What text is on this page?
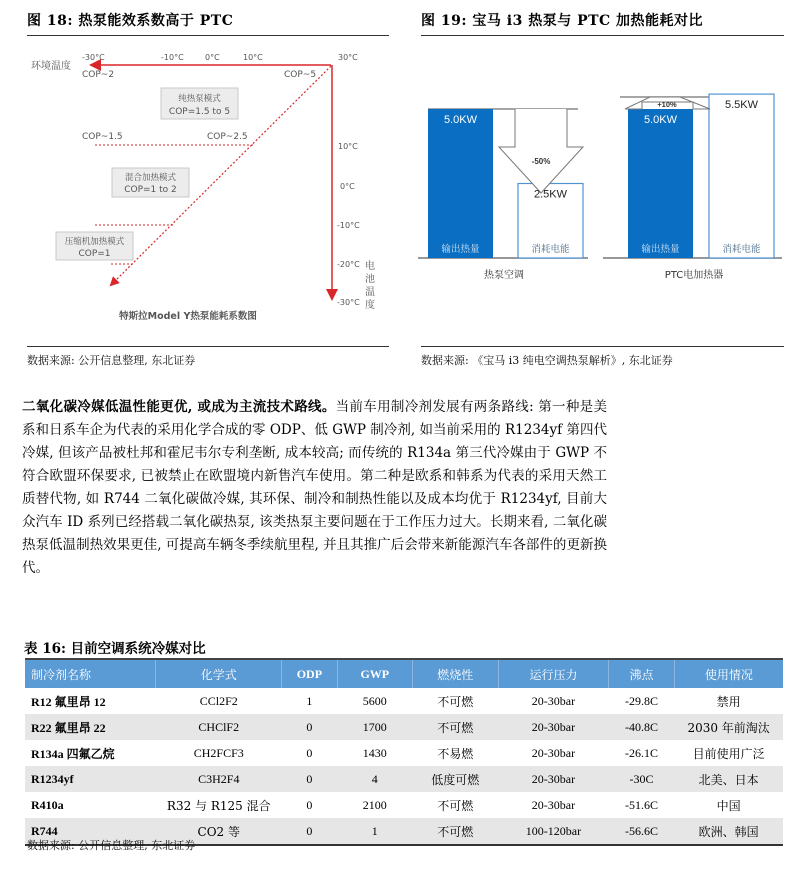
图 18: 热泵能效系数高于 PTC
环境温度
-30°C	-10°C	0°C	10°C	30°C
COP~2	COP~5
COP~1.5	COP~2.5
纯热泵模式
COP=1.5 to 5
混合加热模式
COP=1 to 2
压缩机加热模式
COP=1
10°C
0°C
-10°C
-20°C
-30°C
电
池
温
度
特斯拉Model Y热泵能耗系数图
数据来源: 公开信息整理, 东北证券
图 19: 宝马 i3 热泵与 PTC 加热能耗对比
-50%
+10%
5.0KW
2.5KW
5.0KW
5.5KW
输出热量	消耗电能	输出热量	消耗电能
热泵空调	PTC电加热器
数据来源: 《宝马 i3 纯电空调热泵解析》, 东北证券
二氧化碳冷媒低温性能更优, 或成为主流技术路线。当前车用制冷剂发展有两条路线: 第一种是美系和日系车企为代表的采用化学合成的零 ODP、低 GWP 制冷剂, 如当前采用的 R1234yf 第四代冷媒, 但该产品被杜邦和霍尼韦尔专利垄断, 成本较高; 而传统的 R134a 第三代冷媒由于 GWP 不符合欧盟环保要求, 已被禁止在欧盟境内新售汽车使用。第二种是欧系和韩系为代表的采用天然工质替代物, 如 R744 二氧化碳做冷媒, 其环保、制冷和制热性能以及成本均优于 R1234yf, 目前大众汽车 ID 系列已经搭载二氧化碳热泵, 该类热泵主要问题在于工作压力过大。长期来看, 二氧化碳热泵低温制热效果更佳, 可提高车辆冬季续航里程, 并且其推广后会带来新能源汽车各部件的更新换代。
表 16: 目前空调系统冷媒对比
制冷剂名称	化学式	ODP	GWP	燃烧性	运行压力	沸点	使用情况
R12 氟里昂 12	CCl2F2	1	5600	不可燃	20-30bar	-29.8C	禁用
R22 氟里昂 22	CHClF2	0	1700	不可燃	20-30bar	-40.8C	2030 年前淘汰
R134a 四氟乙烷	CH2FCF3	0	1430	不易燃	20-30bar	-26.1C	目前使用广泛
R1234yf	C3H2F4	0	4	低度可燃	20-30bar	-30C	北美、日本
R410a	R32 与 R125 混合	0	2100	不可燃	20-30bar	-51.6C	中国
R744	CO2 等	0	1	不可燃	100-120bar	-56.6C	欧洲、韩国
数据来源: 公开信息整理, 东北证券
